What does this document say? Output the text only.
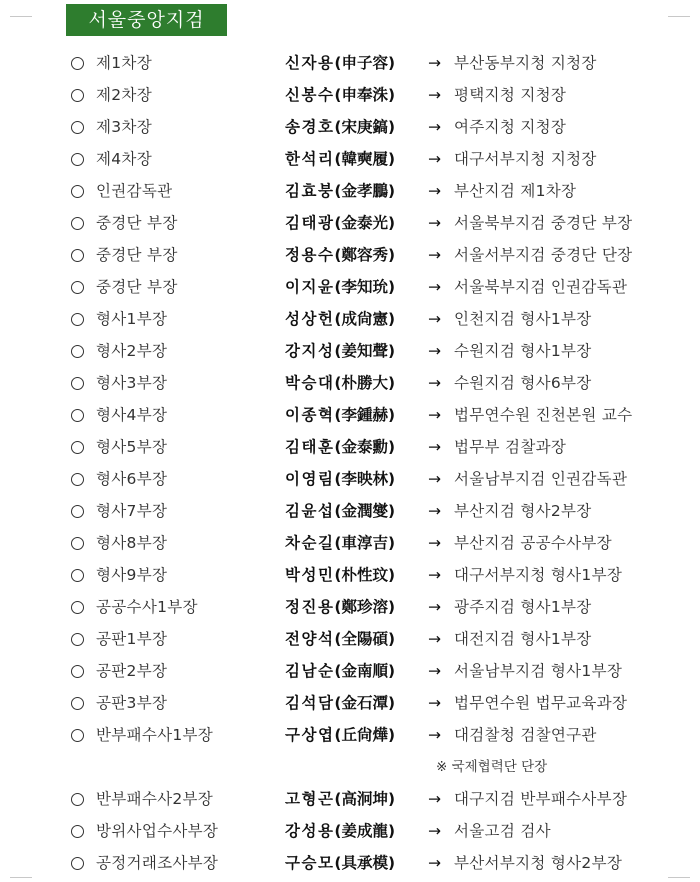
서울중앙지검
제1차장	신자용(申子容) → 부산동부지청 지청장
제2차장	신봉수(申奉洙) → 평택지청 지청장
제3차장	송경호(宋庚鎬) → 여주지청 지청장
제4차장	한석리(韓奭履) → 대구서부지청 지청장
인권감독관	김효붕(金孝鵬) → 부산지검 제1차장
중경단 부장	김태광(金泰光) → 서울북부지검 중경단 부장
중경단 부장	정용수(鄭容秀) → 서울서부지검 중경단 단장
중경단 부장	이지윤(李知玧) → 서울북부지검 인권감독관
형사1부장	성상헌(成尙憲) → 인천지검 형사1부장
형사2부장	강지성(姜知聲) → 수원지검 형사1부장
형사3부장	박승대(朴勝大) → 수원지검 형사6부장
형사4부장	이종혁(李鍾赫) → 법무연수원 진천본원 교수
형사5부장	김태훈(金泰勳) → 법무부 검찰과장
형사6부장	이영림(李映林) → 서울남부지검 인권감독관
형사7부장	김윤섭(金潤燮) → 부산지검 형사2부장
형사8부장	차순길(車淳吉) → 부산지검 공공수사부장
형사9부장	박성민(朴性玟) → 대구서부지청 형사1부장
공공수사1부장	정진용(鄭珍溶) → 광주지검 형사1부장
공판1부장	전양석(全陽碩) → 대전지검 형사1부장
공판2부장	김남순(金南順) → 서울남부지검 형사1부장
공판3부장	김석담(金石潭) → 법무연수원 법무교육과장
반부패수사1부장	구상엽(丘尙燁) → 대검찰청 검찰연구관
※ 국제협력단 단장
반부패수사2부장	고형곤(高泂坤) → 대구지검 반부패수사부장
방위사업수사부장	강성용(姜成龍) → 서울고검 검사
공정거래조사부장	구승모(具承模) → 부산서부지청 형사2부장
